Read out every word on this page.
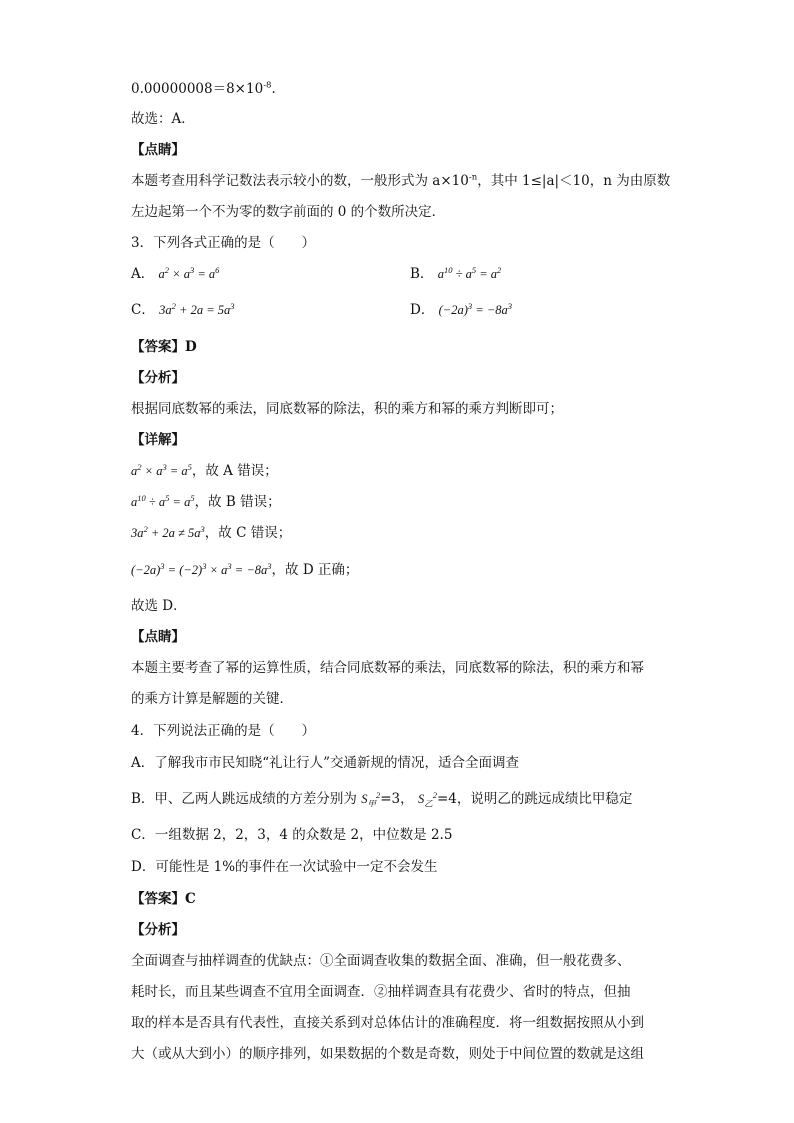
$0.00000008=8\times 10^{-8}$.
故选：A．
【点睛】
本题考查用科学记数法表示较小的数，一般形式为 $a\times 10^{-n}$，其中 1≤|a|＜10，n 为由原数
左边起第一个不为零的数字前面的 0 的个数所决定．
3．下列各式正确的是（　　）
A． $a^2 \times a^3 = a^6$	B． $a^{10} \div a^5 = a^2$
C． $3a^2 + 2a = 5a^3$	D． $(-2a)^3 = -8a^3$
【答案】D
【分析】
根据同底数幂的乘法，同底数幂的除法，积的乘方和幂的乘方判断即可；
【详解】
$a^2 \times a^3 = a^5$，故 A 错误；
$a^{10} \div a^5 = a^5$，故 B 错误；
$3a^2 + 2a \ne 5a^3$，故 C 错误；
$(-2a)^3 = (-2)^3 \times a^3 = -8a^3$，故 D 正确；
故选 D．
【点睛】
本题主要考查了幂的运算性质，结合同底数幂的乘法，同底数幂的除法，积的乘方和幂
的乘方计算是解题的关键．
4．下列说法正确的是（　　）
A．了解我市市民知晓“礼让行人”交通新规的情况，适合全面调查
B．甲、乙两人跳远成绩的方差分别为 $S_甲^2=3$， $S_乙^2=4$，说明乙的跳远成绩比甲稳定
C．一组数据 2，2，3，4 的众数是 2，中位数是 2.5
D．可能性是 1%的事件在一次试验中一定不会发生
【答案】C
【分析】
全面调查与抽样调查的优缺点：①全面调查收集的数据全面、准确，但一般花费多、
耗时长，而且某些调查不宜用全面调查．②抽样调查具有花费少、省时的特点，但抽
取的样本是否具有代表性，直接关系到对总体估计的准确程度．将一组数据按照从小到
大（或从大到小）的顺序排列，如果数据的个数是奇数，则处于中间位置的数就是这组
